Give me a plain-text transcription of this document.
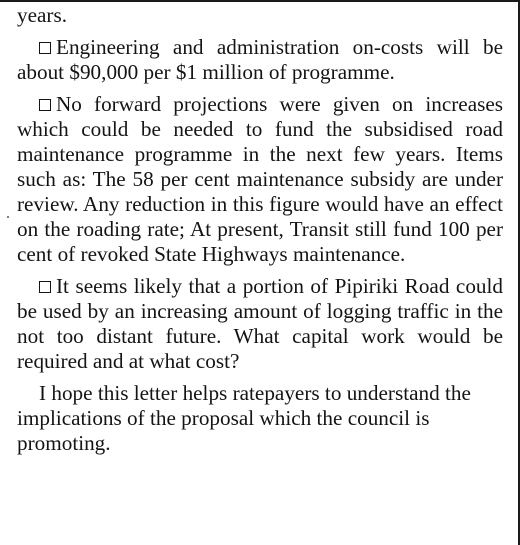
years.

Engineering and administration on-costs will be about $90,000 per $1 million of programme.

No forward projections were given on increases which could be needed to fund the subsidised road maintenance programme in the next few years. Items such as: The 58 per cent maintenance subsidy are under review. Any reduction in this figure would have an effect on the roading rate; At present, Transit still fund 100 per cent of revoked State Highways maintenance.

It seems likely that a portion of Pipiriki Road could be used by an increasing amount of logging traffic in the not too distant future. What capital work would be required and at what cost?

I hope this letter helps ratepayers to understand the implications of the proposal which the council is promoting.
